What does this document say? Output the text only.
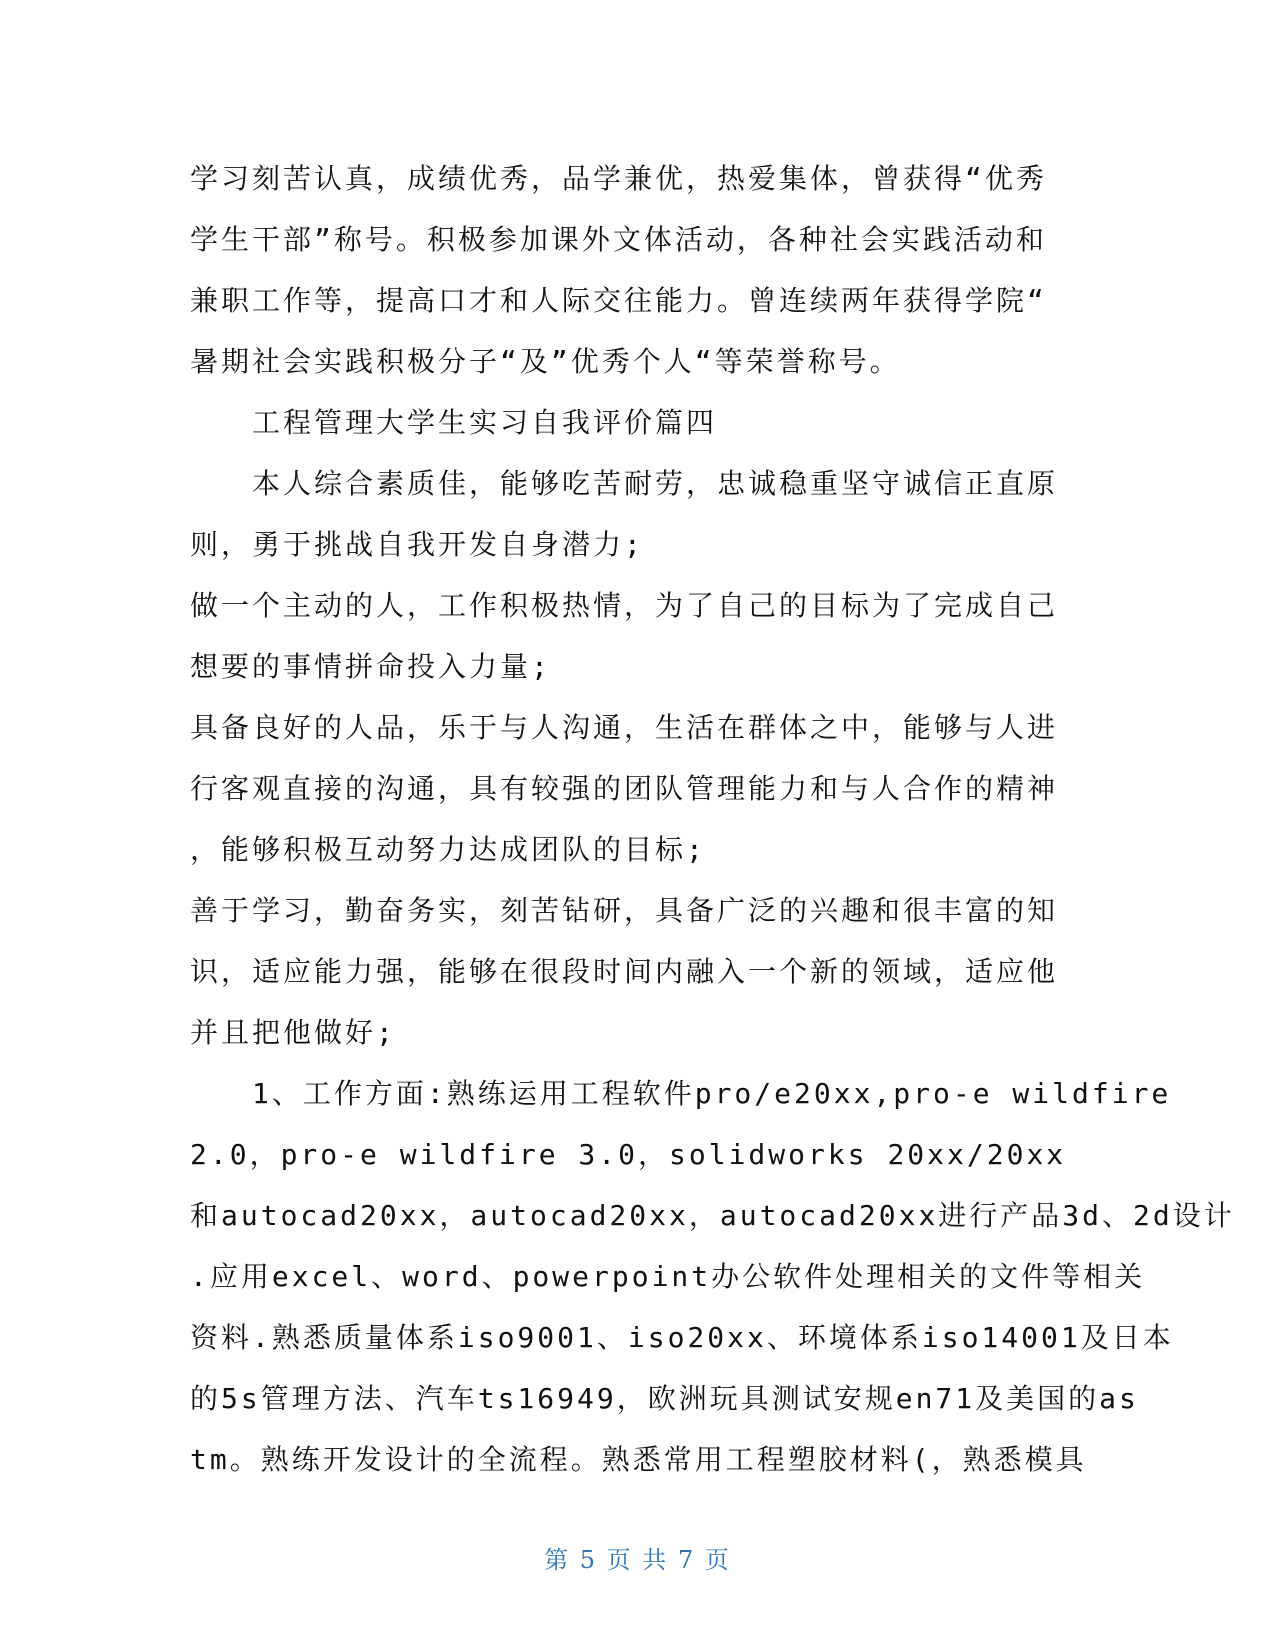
学习刻苦认真，成绩优秀，品学兼优，热爱集体，曾获得“优秀
学生干部”称号。积极参加课外文体活动，各种社会实践活动和
兼职工作等，提高口才和人际交往能力。曾连续两年获得学院“
暑期社会实践积极分子“及”优秀个人“等荣誉称号。
工程管理大学生实习自我评价篇四
本人综合素质佳，能够吃苦耐劳，忠诚稳重坚守诚信正直原
则，勇于挑战自我开发自身潜力;
做一个主动的人，工作积极热情，为了自己的目标为了完成自己
想要的事情拼命投入力量;
具备良好的人品，乐于与人沟通，生活在群体之中，能够与人进
行客观直接的沟通，具有较强的团队管理能力和与人合作的精神
，能够积极互动努力达成团队的目标;
善于学习，勤奋务实，刻苦钻研，具备广泛的兴趣和很丰富的知
识，适应能力强，能够在很段时间内融入一个新的领域，适应他
并且把他做好;
1、工作方面:熟练运用工程软件pro/e20xx,pro-e wildfire
2.0，pro-e wildfire 3.0，solidworks 20xx/20xx
和autocad20xx，autocad20xx，autocad20xx进行产品3d、2d设计
.应用excel、word、powerpoint办公软件处理相关的文件等相关
资料.熟悉质量体系iso9001、iso20xx、环境体系iso14001及日本
的5s管理方法、汽车ts16949，欧洲玩具测试安规en71及美国的as
tm。熟练开发设计的全流程。熟悉常用工程塑胶材料(，熟悉模具
第 5 页 共 7 页
